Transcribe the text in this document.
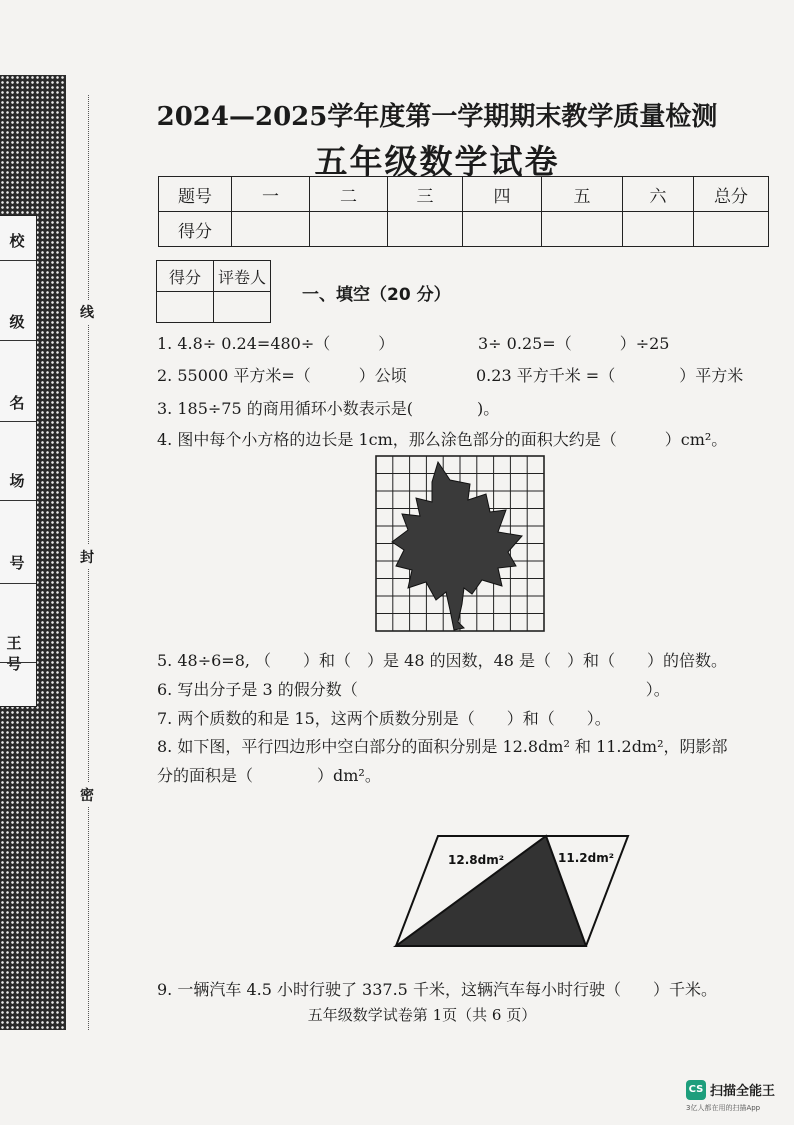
校
级
名
场
号
王号
线
封
密
2024—2025学年度第一学期期末教学质量检测
五年级数学试卷
题号	一	二	三	四	五	六	总分
得分							
得分	评卷人

一、填空（20 分）
1. 4.8÷ 0.24=480÷（　　　）	3÷ 0.25=（　　　）÷25
2. 55000 平方米=（　　　）公顷	0.23 平方千米 =（　　　　）平方米
3. 185÷75 的商用循环小数表示是(　　　　)。
4. 图中每个小方格的边长是 1cm，那么涂色部分的面积大约是（　　　）cm²。
5. 48÷6=8, （　　）和（　）是 48 的因数，48 是（　）和（　　）的倍数。
6. 写出分子是 3 的假分数（　　　　　　　　　　　　　　　　　　）。
7. 两个质数的和是 15，这两个质数分别是（　　）和（　　）。
8. 如下图，平行四边形中空白部分的面积分别是 12.8dm² 和 11.2dm²，阴影部
分的面积是（　　　　）dm²。
12.8dm²	11.2dm²
9. 一辆汽车 4.5 小时行驶了 337.5 千米，这辆汽车每小时行驶（　　）千米。
五年级数学试卷第 1页（共 6 页）
CS 扫描全能王
3亿人都在用的扫描App
